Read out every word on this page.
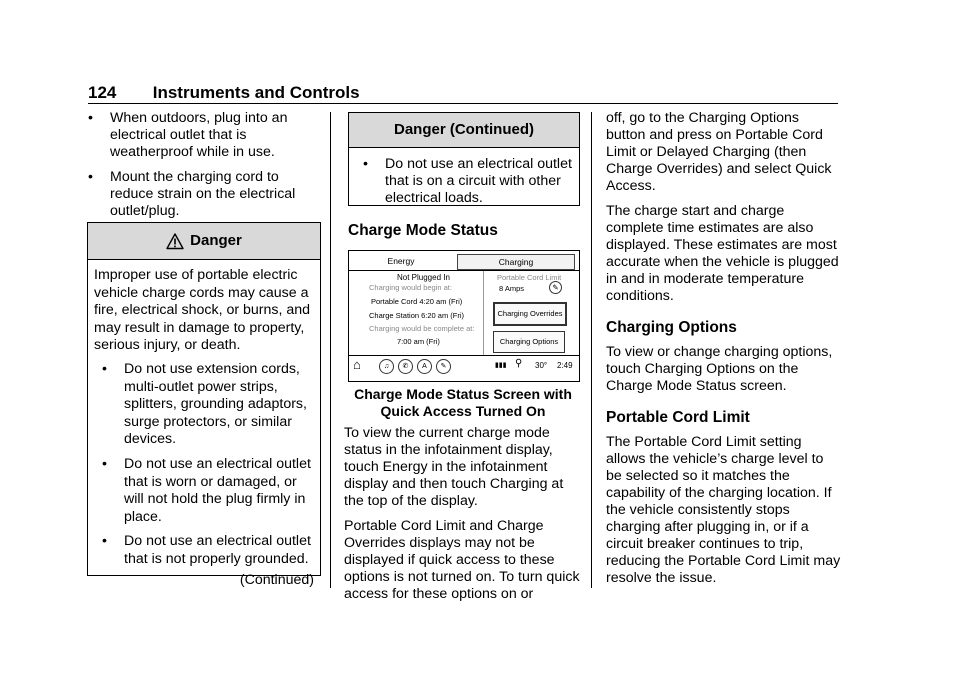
124 Instruments and Controls
• When outdoors, plug into an electrical outlet that is weatherproof while in use.
• Mount the charging cord to reduce strain on the electrical outlet/plug.
Danger

Improper use of portable electric vehicle charge cords may cause a fire, electrical shock, or burns, and may result in damage to property, serious injury, or death.

• Do not use extension cords, multi-outlet power strips, splitters, grounding adaptors, surge protectors, or similar devices.
• Do not use an electrical outlet that is worn or damaged, or will not hold the plug firmly in place.
• Do not use an electrical outlet that is not properly grounded.
(Continued)
Danger (Continued)
• Do not use an electrical outlet that is on a circuit with other electrical loads.
Charge Mode Status
Energy	Charging
Not Plugged In
Charging would begin at:
Portable Cord 4:20 am (Fri)
Charge Station 6:20 am (Fri)
Charging would be complete at:
7:00 am (Fri)
Portable Cord Limit
8 Amps	✎
Charging Overrides
Charging Options
⌂	♫	✆	A	✎	▮▮▮ ⚲ 30° 2:49
Charge Mode Status Screen with
Quick Access Turned On

To view the current charge mode status in the infotainment display, touch Energy in the infotainment display and then touch Charging at the top of the display.

Portable Cord Limit and Charge Overrides displays may not be displayed if quick access to these options is not turned on. To turn quick access for these options on or

off, go to the Charging Options button and press on Portable Cord Limit or Delayed Charging (then Charge Overrides) and select Quick Access.

The charge start and charge complete time estimates are also displayed. These estimates are most accurate when the vehicle is plugged in and in moderate temperature conditions.

Charging Options

To view or change charging options, touch Charging Options on the Charge Mode Status screen.

Portable Cord Limit

The Portable Cord Limit setting allows the vehicle’s charge level to be selected so it matches the capability of the charging location. If the vehicle consistently stops charging after plugging in, or if a circuit breaker continues to trip, reducing the Portable Cord Limit may resolve the issue.
